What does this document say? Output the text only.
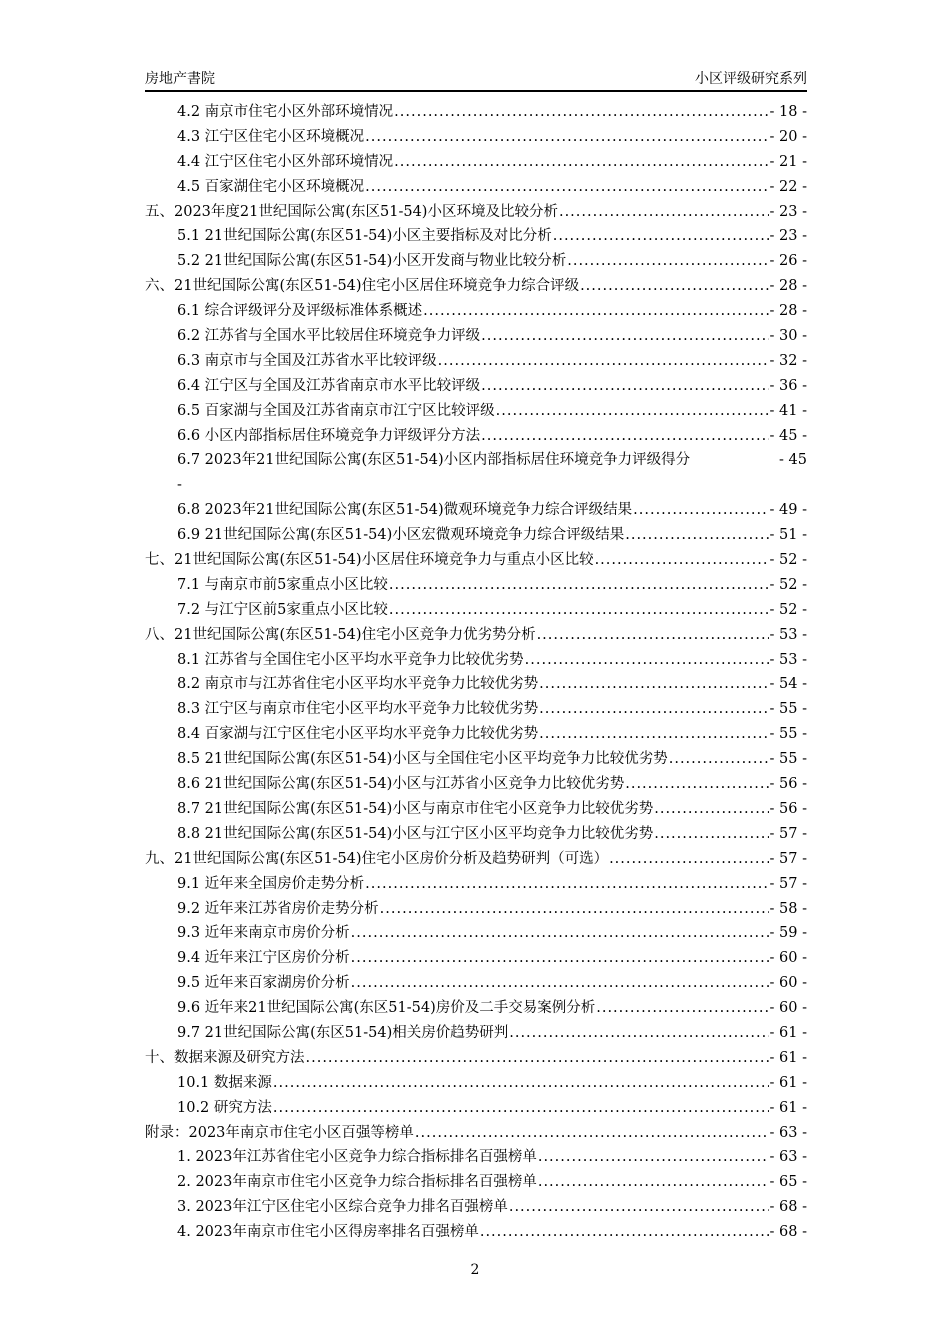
房地产書院	小区评级研究系列
4.2 南京市住宅小区外部环境情况 .....	- 18 -
4.3 江宁区住宅小区环境概况 .....	- 20 -
4.4 江宁区住宅小区外部环境情况 .....	- 21 -
4.5 百家湖住宅小区环境概况 .....	- 22 -
五、2023年度21世纪国际公寓(东区51-54)小区环境及比较分析 .....	- 23 -
5.1 21世纪国际公寓(东区51-54)小区主要指标及对比分析 .....	- 23 -
5.2 21世纪国际公寓(东区51-54)小区开发商与物业比较分析 .....	- 26 -
六、21世纪国际公寓(东区51-54)住宅小区居住环境竞争力综合评级 .....	- 28 -
6.1 综合评级评分及评级标准体系概述 .....	- 28 -
6.2 江苏省与全国水平比较居住环境竞争力评级 .....	- 30 -
6.3 南京市与全国及江苏省水平比较评级 .....	- 32 -
6.4 江宁区与全国及江苏省南京市水平比较评级 .....	- 36 -
6.5 百家湖与全国及江苏省南京市江宁区比较评级 .....	- 41 -
6.6 小区内部指标居住环境竞争力评级评分方法 .....	- 45 -
6.7 2023年21世纪国际公寓(东区51-54)小区内部指标居住环境竞争力评级得分	- 45
-
6.8 2023年21世纪国际公寓(东区51-54)微观环境竞争力综合评级结果 .....	- 49 -
6.9 21世纪国际公寓(东区51-54)小区宏微观环境竞争力综合评级结果 .....	- 51 -
七、21世纪国际公寓(东区51-54)小区居住环境竞争力与重点小区比较 .....	- 52 -
7.1 与南京市前5家重点小区比较 .....	- 52 -
7.2 与江宁区前5家重点小区比较 .....	- 52 -
八、21世纪国际公寓(东区51-54)住宅小区竞争力优劣势分析 .....	- 53 -
8.1 江苏省与全国住宅小区平均水平竞争力比较优劣势 .....	- 53 -
8.2 南京市与江苏省住宅小区平均水平竞争力比较优劣势 .....	- 54 -
8.3 江宁区与南京市住宅小区平均水平竞争力比较优劣势 .....	- 55 -
8.4 百家湖与江宁区住宅小区平均水平竞争力比较优劣势 .....	- 55 -
8.5 21世纪国际公寓(东区51-54)小区与全国住宅小区平均竞争力比较优劣势 .....	- 55 -
8.6 21世纪国际公寓(东区51-54)小区与江苏省小区竞争力比较优劣势 .....	- 56 -
8.7 21世纪国际公寓(东区51-54)小区与南京市住宅小区竞争力比较优劣势 .....	- 56 -
8.8 21世纪国际公寓(东区51-54)小区与江宁区小区平均竞争力比较优劣势 .....	- 57 -
九、21世纪国际公寓(东区51-54)住宅小区房价分析及趋势研判（可选） .....	- 57 -
9.1 近年来全国房价走势分析 .....	- 57 -
9.2 近年来江苏省房价走势分析 .....	- 58 -
9.3 近年来南京市房价分析 .....	- 59 -
9.4 近年来江宁区房价分析 .....	- 60 -
9.5 近年来百家湖房价分析 .....	- 60 -
9.6 近年来21世纪国际公寓(东区51-54)房价及二手交易案例分析 .....	- 60 -
9.7 21世纪国际公寓(东区51-54)相关房价趋势研判 .....	- 61 -
十、数据来源及研究方法 .....	- 61 -
10.1 数据来源 .....	- 61 -
10.2 研究方法 .....	- 61 -
附录：2023年南京市住宅小区百强等榜单 .....	- 63 -
1. 2023年江苏省住宅小区竞争力综合指标排名百强榜单 .....	- 63 -
2. 2023年南京市住宅小区竞争力综合指标排名百强榜单 .....	- 65 -
3. 2023年江宁区住宅小区综合竞争力排名百强榜单 .....	- 68 -
4. 2023年南京市住宅小区得房率排名百强榜单 .....	- 68 -
2
